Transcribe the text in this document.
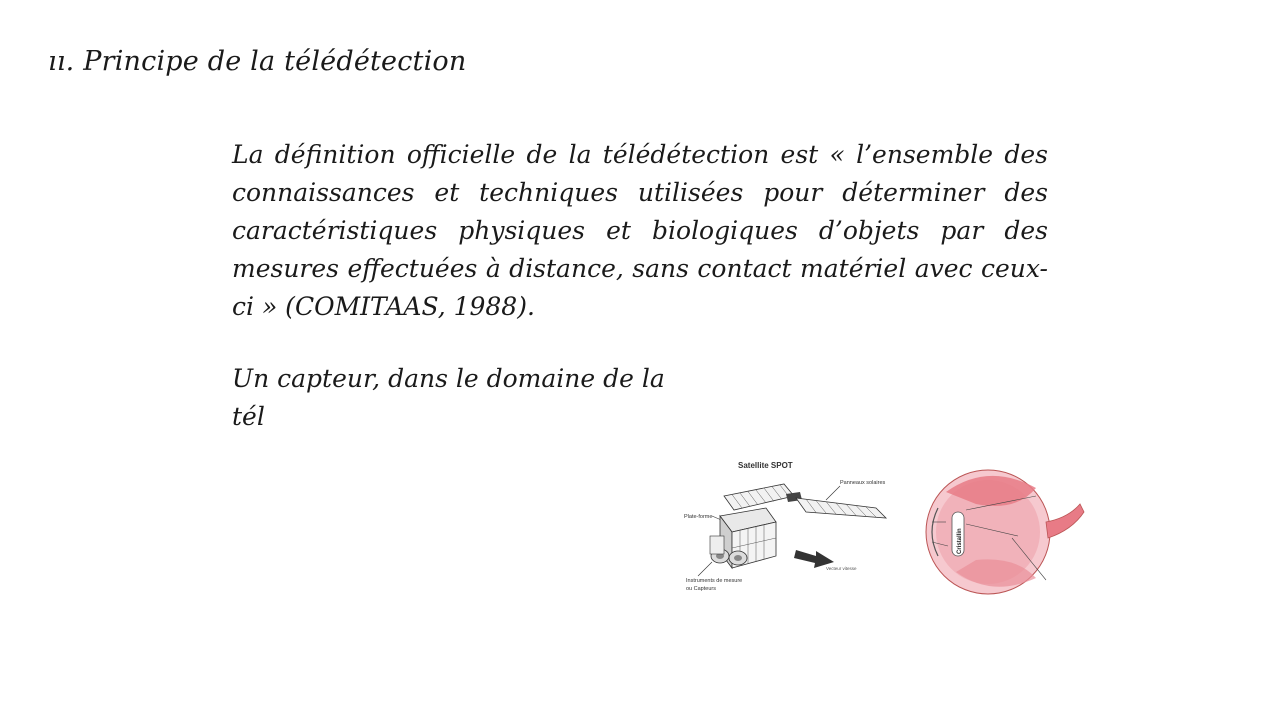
ıı. Principe de la télédétection

La définition officielle de la télédétection est « l’ensemble des connaissances et techniques utilisées pour déterminer des caractéristiques physiques et biologiques d’objets par des mesures effectuées à distance, sans contact matériel avec ceux-ci » (COMITAAS, 1988).

Un capteur, dans le domaine de la tél

Satellite SPOT
Panneaux solaires
Plate-forme
Vecteur vitesse
Instruments de mesure
ou Capteurs
Cristallin
